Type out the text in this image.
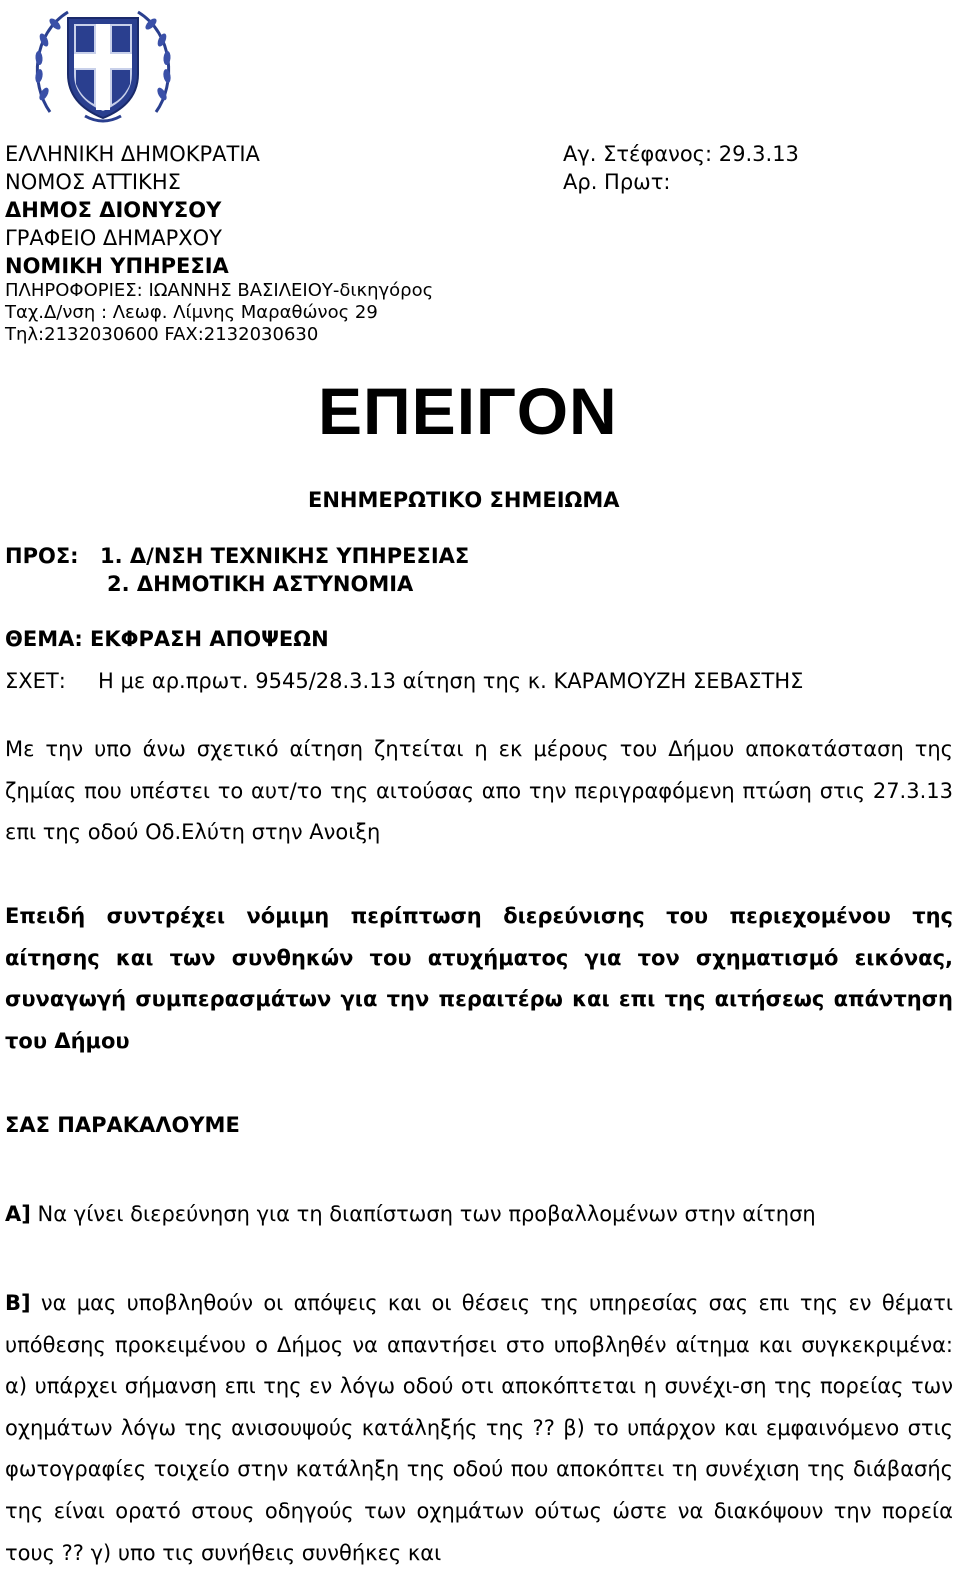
ΕΛΛΗΝΙΚΗ ΔΗΜΟΚΡΑΤΙΑ
ΝΟΜΟΣ ΑΤΤΙΚΗΣ
ΔΗΜΟΣ ΔΙΟΝΥΣΟΥ
ΓΡΑΦΕΙΟ ΔΗΜΑΡΧΟΥ
ΝΟΜΙΚΗ ΥΠΗΡΕΣΙΑ
ΠΛΗΡΟΦΟΡΙΕΣ: ΙΩΑΝΝΗΣ ΒΑΣΙΛΕΙΟΥ-δικηγόρος
Ταχ.Δ/νση : Λεωφ. Λίμνης Μαραθώνος 29
Τηλ:2132030600 FAX:2132030630
Αγ. Στέφανος: 29.3.13
Αρ. Πρωτ:
ΕΠΕΙΓΟΝ
ΕΝΗΜΕΡΩΤΙΚΟ ΣΗΜΕΙΩΜΑ
ΠΡΟΣ: 1. Δ/ΝΣΗ ΤΕΧΝΙΚΗΣ ΥΠΗΡΕΣΙΑΣ
2. ΔΗΜΟΤΙΚΗ ΑΣΤΥΝΟΜΙΑ
ΘΕΜΑ: ΕΚΦΡΑΣΗ ΑΠΟΨΕΩΝ
ΣΧΕΤ: Η με αρ.πρωτ. 9545/28.3.13 αίτηση της κ. ΚΑΡΑΜΟΥΖΗ ΣΕΒΑΣΤΗΣ
Με την υπο άνω σχετικό αίτηση ζητείται η εκ μέρους του Δήμου αποκατάσταση της ζημίας που υπέστει το αυτ/το της αιτούσας απο την περιγραφόμενη πτώση στις 27.3.13 επι της οδού Οδ.Ελύτη στην Ανοιξη
Επειδή συντρέχει νόμιμη περίπτωση διερεύνισης του περιεχομένου της αίτησης και των συνθηκών του ατυχήματος για τον σχηματισμό εικόνας, συναγωγή συμπερασμάτων για την περαιτέρω και επι της αιτήσεως απάντηση του Δήμου
ΣΑΣ ΠΑΡΑΚΑΛΟΥΜΕ
Α] Να γίνει διερεύνηση για τη διαπίστωση των προβαλλομένων στην αίτηση
Β] να μας υποβληθούν οι απόψεις και οι θέσεις της υπηρεσίας σας επι της εν θέματι υπόθεσης προκειμένου ο Δήμος να απαντήσει στο υποβληθέν αίτημα και συγκεκριμένα: α) υπάρχει σήμανση επι της εν λόγω οδού οτι αποκόπτεται η συνέχι-ση της πορείας των οχημάτων λόγω της ανισουψούς κατάληξής της ?? β) το υπάρχον και εμφαινόμενο στις φωτογραφίες τοιχείο στην κατάληξη της οδού που αποκόπτει τη συνέχιση της διάβασής της είναι ορατό στους οδηγούς των οχημάτων ούτως ώστε να διακόψουν την πορεία τους ?? γ) υπο τις συνήθεις συνθήκες και
